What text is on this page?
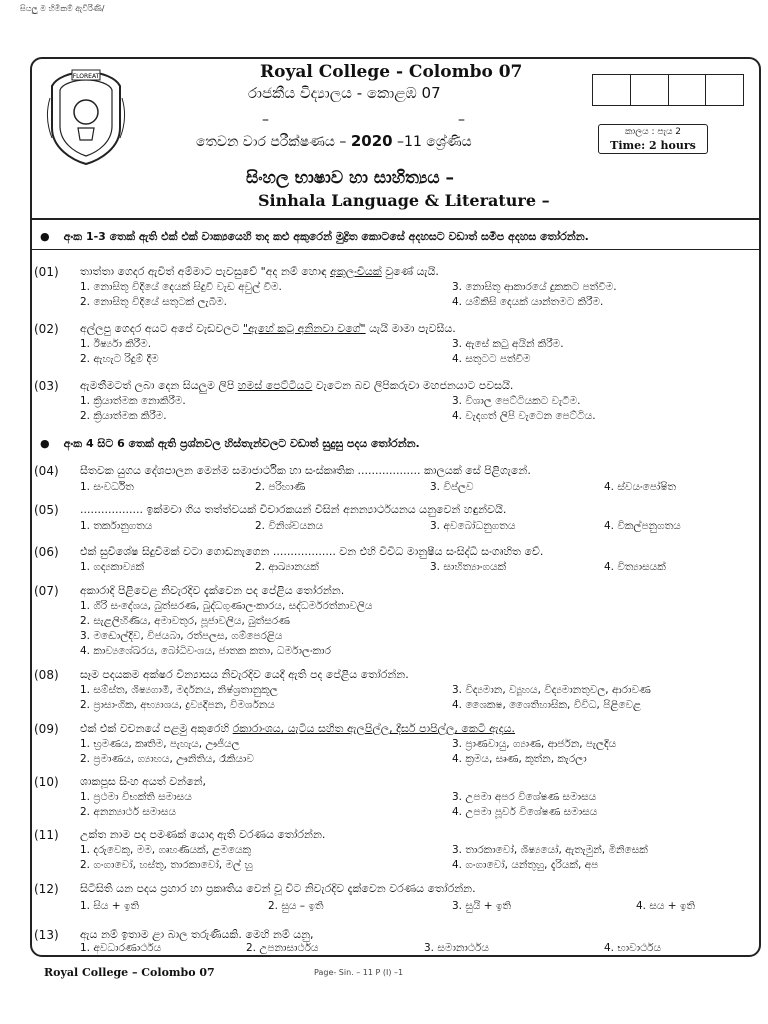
සියලු ම හිමිකම් ඇවිරිණි/
FLOREAT	Royal College - Colombo 07
රාජකීය විද්‍යාලය - කොළඹ 07
–	–
තෙවන වාර පරීක්ෂණය – 2020 –11 ශ්‍රේණිය
කාලය : පැය 2
Time: 2 hours
සිංහල භාෂාව හා සාහිත්‍යය –
Sinhala Language & Literature –
● අංක 1-3 තෙක් ඇති එක් එක් වාක්‍යයෙහි තද කළු අකුරෙන් මුද්‍රිත කොටසේ අදහසට වඩාත් සමීප අදහස තෝරන්න.
(01) තාත්තා ගෙදර ඇවිත් අම්මාට පැවසුවේ "අද නම් හොඳ අකුලංචියක් වුණේ යැයි.
1. නොසිතූ විදියේ දෙයක් සිදුවී වැඩ අවුල් වීම.	3. නොසිතූ ආකාරයේ දුකකට පත්වීම.
2. නොසිතූ විදියේ සතුටක් ලැබීම.	4. යම්කිසි දෙයක් යාන්තමට කිරීම.
(02) අල්ලපු ගෙදර අයට අපේ වැඩවලට "ඇහේ කටු අනිනවා වගේ" යැයි මාමා පැවසීය.
1. ඊර්ෂ්‍යා කිරීම.	3. ඇසේ කටු අයින් කිරීම.
2. ඇහැට රිදුම් දීම	4. සතුටට පත්වීම
(03) ඇමතීමටත් ලබා දෙන සියලුම ලිපි හමස් පෙට්ටියට වැටෙන බව ලිපිකරුවා මහජනයාට පවසයි.
1. ක්‍රියාත්මක නොකිරීම.	3. විශාල පෙට්ටියකට වැටීම.
2. ක්‍රියාත්මක කිරීම.	4. වැදගත් ලිපි වැටෙන පෙට්ටිය.
● අංක 4 සිට 6 තෙක් ඇති ප්‍රශ්නවල හිස්තැන්වලට වඩාත් සුදුසු පදය තෝරන්න.
(04) සීතවක යුගය දේශපාලන මෙන්ම සමාජාර්ථික හා සංස්කෘතික .................. කාලයක් සේ පිළිගැනේ.
1. සංවර්ධිත	2. පරිහාණි	3. විප්ලව	4. ස්වයංපෝෂිත
(05) .................. ඉක්මවා ගිය තත්ත්වයක් විචාරකයන් විසින් අනන්‍යාර්ථයනය යනුවෙන් හඳුන්වයි.
1. තර්කානුගතය	2. විනිශ්චයනය	3. අවබෝධනුගතය	4. විකල්පනුගතය
(06) එක් සුවිශේෂ සිදුවීමක් වටා ගොඩනැගෙන .................. වන එහි විවිධ මානුෂීය සංසිද්ධි සංගෘහිත වේ.
1. ගද්‍යකාව්‍යක්	2. ආඛ්‍යානයක්	3. සාහිත්‍යාංගයක්	4. විත්‍යාසයක්
(07) අකාරාදි පිළිවෙළ නිවැරදිව දැක්වෙන පද පේළිය තෝරන්න.
1. ගිරි සංදේශය, බුත්සරණ, බුද්ධගුණාලංකාරය, සද්ධර්මරත්නාවලිය
2. සැළලිහිණිය, අමාවතුර, පූජාවලිය, බුත්සරණ
3. මඬොල්දිව, විජයබා, රත්පලස, ගම්පෙරළිය
4. කාව්‍යශේඛරය, බෝධිවංශය, ජාතක කතා, ධර්මාලංකාර
(08) සෑම පදයකම අක්ෂර වින්‍යාසය නිවැරදිව යෙදී ඇති පද පේළිය තෝරන්න.
1. සම්ස්ත, ශිෂ්‍යගාමී, මර්දනය, නිෂ්ශ්‍රතානුකූල	3. විද්‍යමාන, ව්‍යූහය, විද්‍යමානතුවල, ආරාවණ
2. ප්‍රාසාංගික, අභ්‍යාශය, ද්‍රව්‍යදිපන, විමර්ශනය	4. ශෛකෂ, ශෛතිහාසික, විවිධ, පිළිවෙළ
(09) එක් එක් වචනයේ පළමු අකුරෙහි රකාරාංශය, යැටිය සහිත ඇලපිල්ල, දීර්ඝ පාපිල්ල, කෙටි ඇදය.
1. භ්‍රමණය, කෘතිම, පැහැය, ඌජියල	3. ප්‍රාණවායු, ග්‍යාණ, ආර්ජන, පැලදිය
2. ප්‍රමාණය, ග්‍යාහය, ඌනිතිය, රෑකියාව	4. ක්‍රමය, සෘණ, කූත්න, කැරලා
(10) ශාකපූස සිංහ අයත් වන්නේ,
1. ප්‍රථමා විභක්ති සමාසය	3. උපමා අපර විශේෂණ සමාසය
2. අනන්‍යාර්ථ සමාසය	4. උපමා පූර්ව විශේෂණ සමාසය
(11) උක්ත නාම පද පමණක් යොදා ඇති වරණය තෝරන්න.
1. දරුවෙකු, මම, ගෘහණියක්, ළමයෙකු	3. තාරකාවෝ, ශිෂ්‍යයෝ, ඇතැමුන්, මිනිසෙක්
2. ගංගාවෝ, හස්තූ, තාරකාවෝ, මල් හු	4. ගංගාවෝ, යන්තුහු, දැරියක්, අප
(12) සිටිසිති යන පදය ප්‍රහාර හා ප්‍රකෘතිය වෙන් වූ විට නිවැරදිව දැක්වෙන වරණය තෝරන්න.
1. සිය + ඉති	2. සුය – ඉති	3. සුයි + ඉති	4. සය + ඉති
(13) ඇය නම් ඉතාම ළා බාල තරුණියකි. මෙහි නම් යනු,
1. අවධාරණාර්ථය	2. උපනාසාර්ථය	3. සමානාර්ථය	4. භාවාර්ථය
Royal College – Colombo 07	Page- Sin. – 11 P (I) –1
